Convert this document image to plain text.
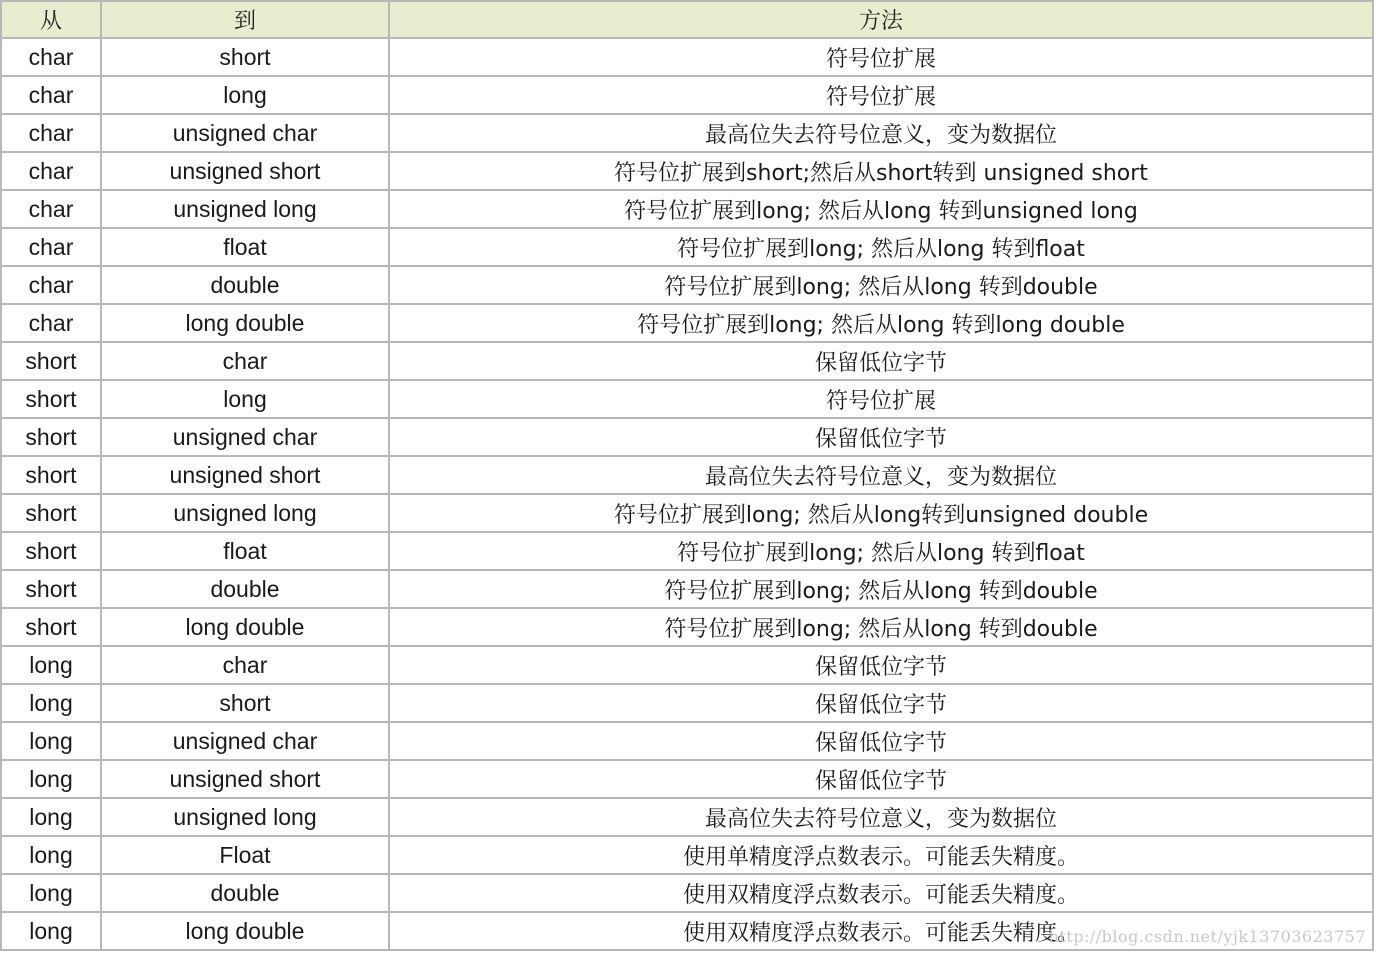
从	到	方法
char	short	符号位扩展
char	long	符号位扩展
char	unsigned char	最高位失去符号位意义，变为数据位
char	unsigned short	符号位扩展到short;然后从short转到 unsigned short
char	unsigned long	符号位扩展到long; 然后从long 转到unsigned long
char	float	符号位扩展到long; 然后从long 转到float
char	double	符号位扩展到long; 然后从long 转到double
char	long double	符号位扩展到long; 然后从long 转到long double
short	char	保留低位字节
short	long	符号位扩展
short	unsigned char	保留低位字节
short	unsigned short	最高位失去符号位意义，变为数据位
short	unsigned long	符号位扩展到long; 然后从long转到unsigned double
short	float	符号位扩展到long; 然后从long 转到float
short	double	符号位扩展到long; 然后从long 转到double
short	long double	符号位扩展到long; 然后从long 转到double
long	char	保留低位字节
long	short	保留低位字节
long	unsigned char	保留低位字节
long	unsigned short	保留低位字节
long	unsigned long	最高位失去符号位意义，变为数据位
long	Float	使用单精度浮点数表示。可能丢失精度。
long	double	使用双精度浮点数表示。可能丢失精度。
long	long double	使用双精度浮点数表示。可能丢失精度。
http://blog.csdn.net/yjk13703623757
